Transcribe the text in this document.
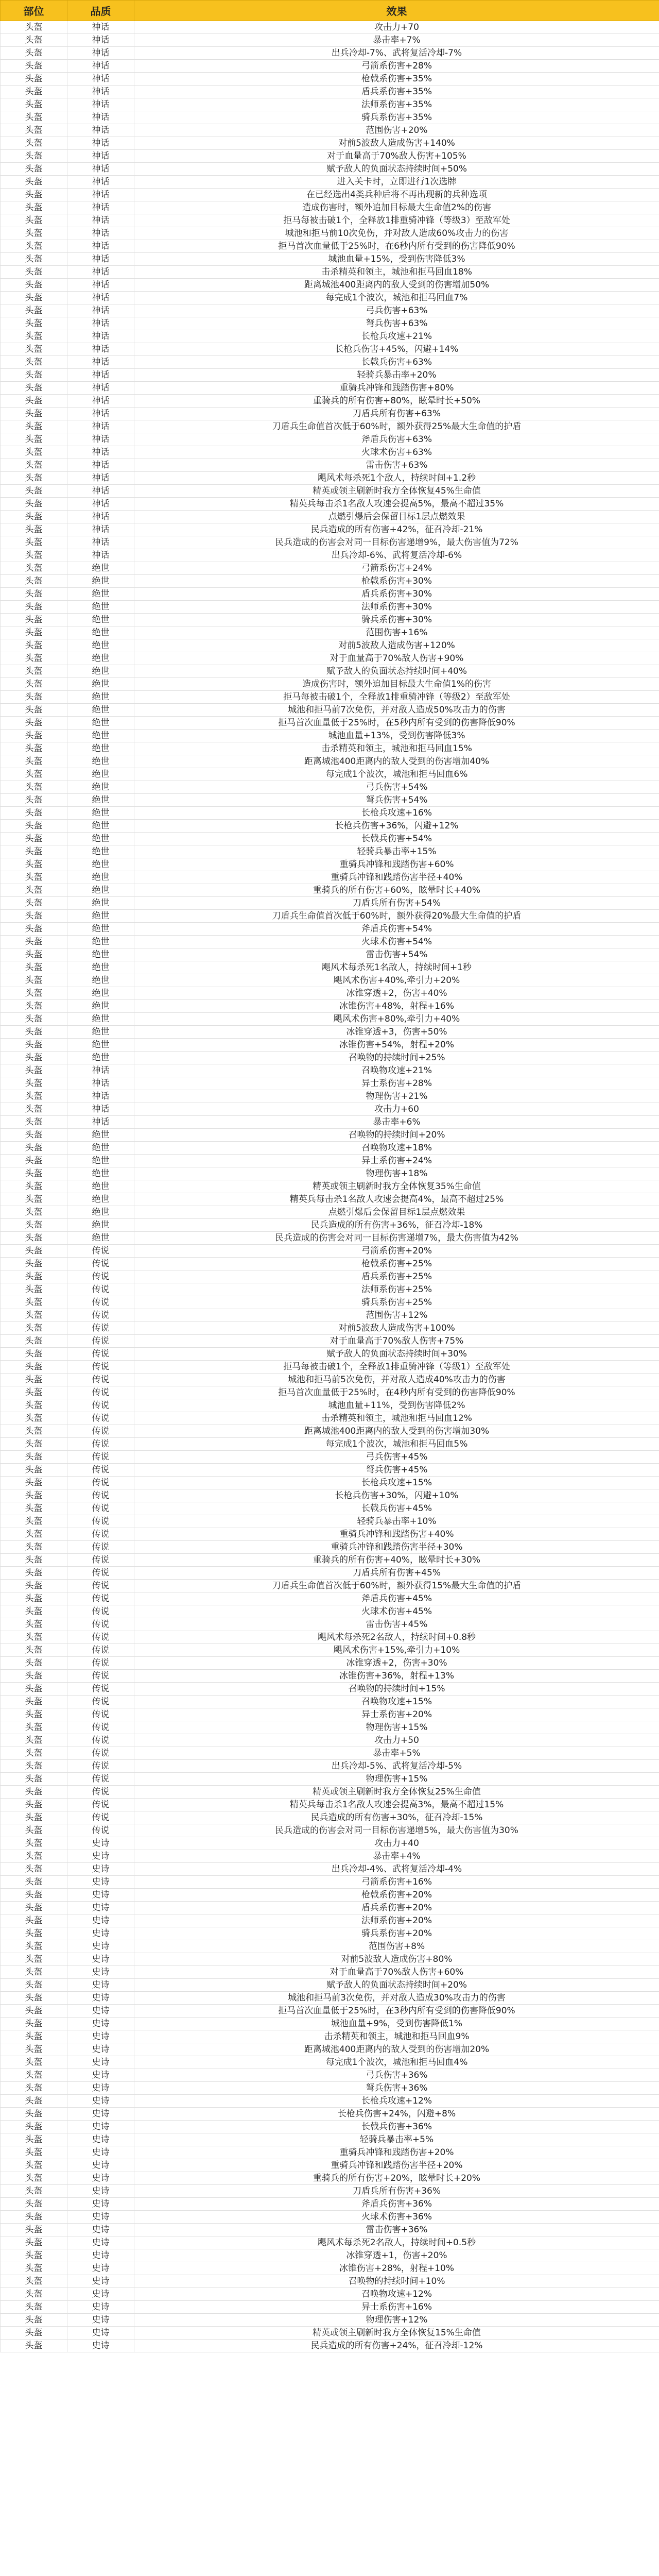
部位	品质	效果
头盔	神话	攻击力+70
头盔	神话	暴击率+7%
头盔	神话	出兵冷却-7%、武将复活冷却-7%
头盔	神话	弓箭系伤害+28%
头盔	神话	枪戟系伤害+35%
头盔	神话	盾兵系伤害+35%
头盔	神话	法师系伤害+35%
头盔	神话	骑兵系伤害+35%
头盔	神话	范围伤害+20%
头盔	神话	对前5波敌人造成伤害+140%
头盔	神话	对于血量高于70%敌人伤害+105%
头盔	神话	赋予敌人的负面状态持续时间+50%
头盔	神话	进入关卡时，立即进行1次选牌
头盔	神话	在已经选出4类兵种后将不再出现新的兵种选项
头盔	神话	造成伤害时，额外追加目标最大生命值2%的伤害
头盔	神话	拒马每被击破1个，全释放1排重骑冲锋（等级3）至敌军处
头盔	神话	城池和拒马前10次免伤，并对敌人造成60%攻击力的伤害
头盔	神话	拒马首次血量低于25%时，在6秒内所有受到的伤害降低90%
头盔	神话	城池血量+15%，受到伤害降低3%
头盔	神话	击杀精英和领主，城池和拒马回血18%
头盔	神话	距离城池400距离内的敌人受到的伤害增加50%
头盔	神话	每完成1个波次，城池和拒马回血7%
头盔	神话	弓兵伤害+63%
头盔	神话	弩兵伤害+63%
头盔	神话	长枪兵攻速+21%
头盔	神话	长枪兵伤害+45%，闪避+14%
头盔	神话	长戟兵伤害+63%
头盔	神话	轻骑兵暴击率+20%
头盔	神话	重骑兵冲锋和践踏伤害+80%
头盔	神话	重骑兵的所有伤害+80%，眩晕时长+50%
头盔	神话	刀盾兵所有伤害+63%
头盔	神话	刀盾兵生命值首次低于60%时，额外获得25%最大生命值的护盾
头盔	神话	斧盾兵伤害+63%
头盔	神话	火球术伤害+63%
头盔	神话	雷击伤害+63%
头盔	神话	飓风术每杀死1个敌人，持续时间+1.2秒
头盔	神话	精英或领主刷新时我方全体恢复45%生命值
头盔	神话	精英兵每击杀1名敌人攻速会提高5%，最高不超过35%
头盔	神话	点燃引爆后会保留目标1层点燃效果
头盔	神话	民兵造成的所有伤害+42%，征召冷却-21%
头盔	神话	民兵造成的伤害会对同一目标伤害递增9%，最大伤害值为72%
头盔	神话	出兵冷却-6%、武将复活冷却-6%
头盔	绝世	弓箭系伤害+24%
头盔	绝世	枪戟系伤害+30%
头盔	绝世	盾兵系伤害+30%
头盔	绝世	法师系伤害+30%
头盔	绝世	骑兵系伤害+30%
头盔	绝世	范围伤害+16%
头盔	绝世	对前5波敌人造成伤害+120%
头盔	绝世	对于血量高于70%敌人伤害+90%
头盔	绝世	赋予敌人的负面状态持续时间+40%
头盔	绝世	造成伤害时，额外追加目标最大生命值1%的伤害
头盔	绝世	拒马每被击破1个，全释放1排重骑冲锋（等级2）至敌军处
头盔	绝世	城池和拒马前7次免伤，并对敌人造成50%攻击力的伤害
头盔	绝世	拒马首次血量低于25%时，在5秒内所有受到的伤害降低90%
头盔	绝世	城池血量+13%，受到伤害降低3%
头盔	绝世	击杀精英和领主，城池和拒马回血15%
头盔	绝世	距离城池400距离内的敌人受到的伤害增加40%
头盔	绝世	每完成1个波次，城池和拒马回血6%
头盔	绝世	弓兵伤害+54%
头盔	绝世	弩兵伤害+54%
头盔	绝世	长枪兵攻速+16%
头盔	绝世	长枪兵伤害+36%，闪避+12%
头盔	绝世	长戟兵伤害+54%
头盔	绝世	轻骑兵暴击率+15%
头盔	绝世	重骑兵冲锋和践踏伤害+60%
头盔	绝世	重骑兵冲锋和践踏伤害半径+40%
头盔	绝世	重骑兵的所有伤害+60%，眩晕时长+40%
头盔	绝世	刀盾兵所有伤害+54%
头盔	绝世	刀盾兵生命值首次低于60%时，额外获得20%最大生命值的护盾
头盔	绝世	斧盾兵伤害+54%
头盔	绝世	火球术伤害+54%
头盔	绝世	雷击伤害+54%
头盔	绝世	飓风术每杀死1名敌人，持续时间+1秒
头盔	绝世	飓风术伤害+40%,牵引力+20%
头盔	绝世	冰锥穿透+2，伤害+40%
头盔	绝世	冰锥伤害+48%，射程+16%
头盔	绝世	飓风术伤害+80%,牵引力+40%
头盔	绝世	冰锥穿透+3，伤害+50%
头盔	绝世	冰锥伤害+54%，射程+20%
头盔	绝世	召唤物的持续时间+25%
头盔	神话	召唤物攻速+21%
头盔	神话	异士系伤害+28%
头盔	神话	物理伤害+21%
头盔	神话	攻击力+60
头盔	神话	暴击率+6%
头盔	绝世	召唤物的持续时间+20%
头盔	绝世	召唤物攻速+18%
头盔	绝世	异士系伤害+24%
头盔	绝世	物理伤害+18%
头盔	绝世	精英或领主刷新时我方全体恢复35%生命值
头盔	绝世	精英兵每击杀1名敌人攻速会提高4%，最高不超过25%
头盔	绝世	点燃引爆后会保留目标1层点燃效果
头盔	绝世	民兵造成的所有伤害+36%，征召冷却-18%
头盔	绝世	民兵造成的伤害会对同一目标伤害递增7%，最大伤害值为42%
头盔	传说	弓箭系伤害+20%
头盔	传说	枪戟系伤害+25%
头盔	传说	盾兵系伤害+25%
头盔	传说	法师系伤害+25%
头盔	传说	骑兵系伤害+25%
头盔	传说	范围伤害+12%
头盔	传说	对前5波敌人造成伤害+100%
头盔	传说	对于血量高于70%敌人伤害+75%
头盔	传说	赋予敌人的负面状态持续时间+30%
头盔	传说	拒马每被击破1个，全释放1排重骑冲锋（等级1）至敌军处
头盔	传说	城池和拒马前5次免伤，并对敌人造成40%攻击力的伤害
头盔	传说	拒马首次血量低于25%时，在4秒内所有受到的伤害降低90%
头盔	传说	城池血量+11%，受到伤害降低2%
头盔	传说	击杀精英和领主，城池和拒马回血12%
头盔	传说	距离城池400距离内的敌人受到的伤害增加30%
头盔	传说	每完成1个波次，城池和拒马回血5%
头盔	传说	弓兵伤害+45%
头盔	传说	弩兵伤害+45%
头盔	传说	长枪兵攻速+15%
头盔	传说	长枪兵伤害+30%，闪避+10%
头盔	传说	长戟兵伤害+45%
头盔	传说	轻骑兵暴击率+10%
头盔	传说	重骑兵冲锋和践踏伤害+40%
头盔	传说	重骑兵冲锋和践踏伤害半径+30%
头盔	传说	重骑兵的所有伤害+40%，眩晕时长+30%
头盔	传说	刀盾兵所有伤害+45%
头盔	传说	刀盾兵生命值首次低于60%时，额外获得15%最大生命值的护盾
头盔	传说	斧盾兵伤害+45%
头盔	传说	火球术伤害+45%
头盔	传说	雷击伤害+45%
头盔	传说	飓风术每杀死2名敌人，持续时间+0.8秒
头盔	传说	飓风术伤害+15%,牵引力+10%
头盔	传说	冰锥穿透+2，伤害+30%
头盔	传说	冰锥伤害+36%，射程+13%
头盔	传说	召唤物的持续时间+15%
头盔	传说	召唤物攻速+15%
头盔	传说	异士系伤害+20%
头盔	传说	物理伤害+15%
头盔	传说	攻击力+50
头盔	传说	暴击率+5%
头盔	传说	出兵冷却-5%、武将复活冷却-5%
头盔	传说	物理伤害+15%
头盔	传说	精英或领主刷新时我方全体恢复25%生命值
头盔	传说	精英兵每击杀1名敌人攻速会提高3%，最高不超过15%
头盔	传说	民兵造成的所有伤害+30%，征召冷却-15%
头盔	传说	民兵造成的伤害会对同一目标伤害递增5%，最大伤害值为30%
头盔	史诗	攻击力+40
头盔	史诗	暴击率+4%
头盔	史诗	出兵冷却-4%、武将复活冷却-4%
头盔	史诗	弓箭系伤害+16%
头盔	史诗	枪戟系伤害+20%
头盔	史诗	盾兵系伤害+20%
头盔	史诗	法师系伤害+20%
头盔	史诗	骑兵系伤害+20%
头盔	史诗	范围伤害+8%
头盔	史诗	对前5波敌人造成伤害+80%
头盔	史诗	对于血量高于70%敌人伤害+60%
头盔	史诗	赋予敌人的负面状态持续时间+20%
头盔	史诗	城池和拒马前3次免伤，并对敌人造成30%攻击力的伤害
头盔	史诗	拒马首次血量低于25%时，在3秒内所有受到的伤害降低90%
头盔	史诗	城池血量+9%，受到伤害降低1%
头盔	史诗	击杀精英和领主，城池和拒马回血9%
头盔	史诗	距离城池400距离内的敌人受到的伤害增加20%
头盔	史诗	每完成1个波次，城池和拒马回血4%
头盔	史诗	弓兵伤害+36%
头盔	史诗	弩兵伤害+36%
头盔	史诗	长枪兵攻速+12%
头盔	史诗	长枪兵伤害+24%，闪避+8%
头盔	史诗	长戟兵伤害+36%
头盔	史诗	轻骑兵暴击率+5%
头盔	史诗	重骑兵冲锋和践踏伤害+20%
头盔	史诗	重骑兵冲锋和践踏伤害半径+20%
头盔	史诗	重骑兵的所有伤害+20%，眩晕时长+20%
头盔	史诗	刀盾兵所有伤害+36%
头盔	史诗	斧盾兵伤害+36%
头盔	史诗	火球术伤害+36%
头盔	史诗	雷击伤害+36%
头盔	史诗	飓风术每杀死2名敌人，持续时间+0.5秒
头盔	史诗	冰锥穿透+1，伤害+20%
头盔	史诗	冰锥伤害+28%，射程+10%
头盔	史诗	召唤物的持续时间+10%
头盔	史诗	召唤物攻速+12%
头盔	史诗	异士系伤害+16%
头盔	史诗	物理伤害+12%
头盔	史诗	精英或领主刷新时我方全体恢复15%生命值
头盔	史诗	民兵造成的所有伤害+24%，征召冷却-12%
